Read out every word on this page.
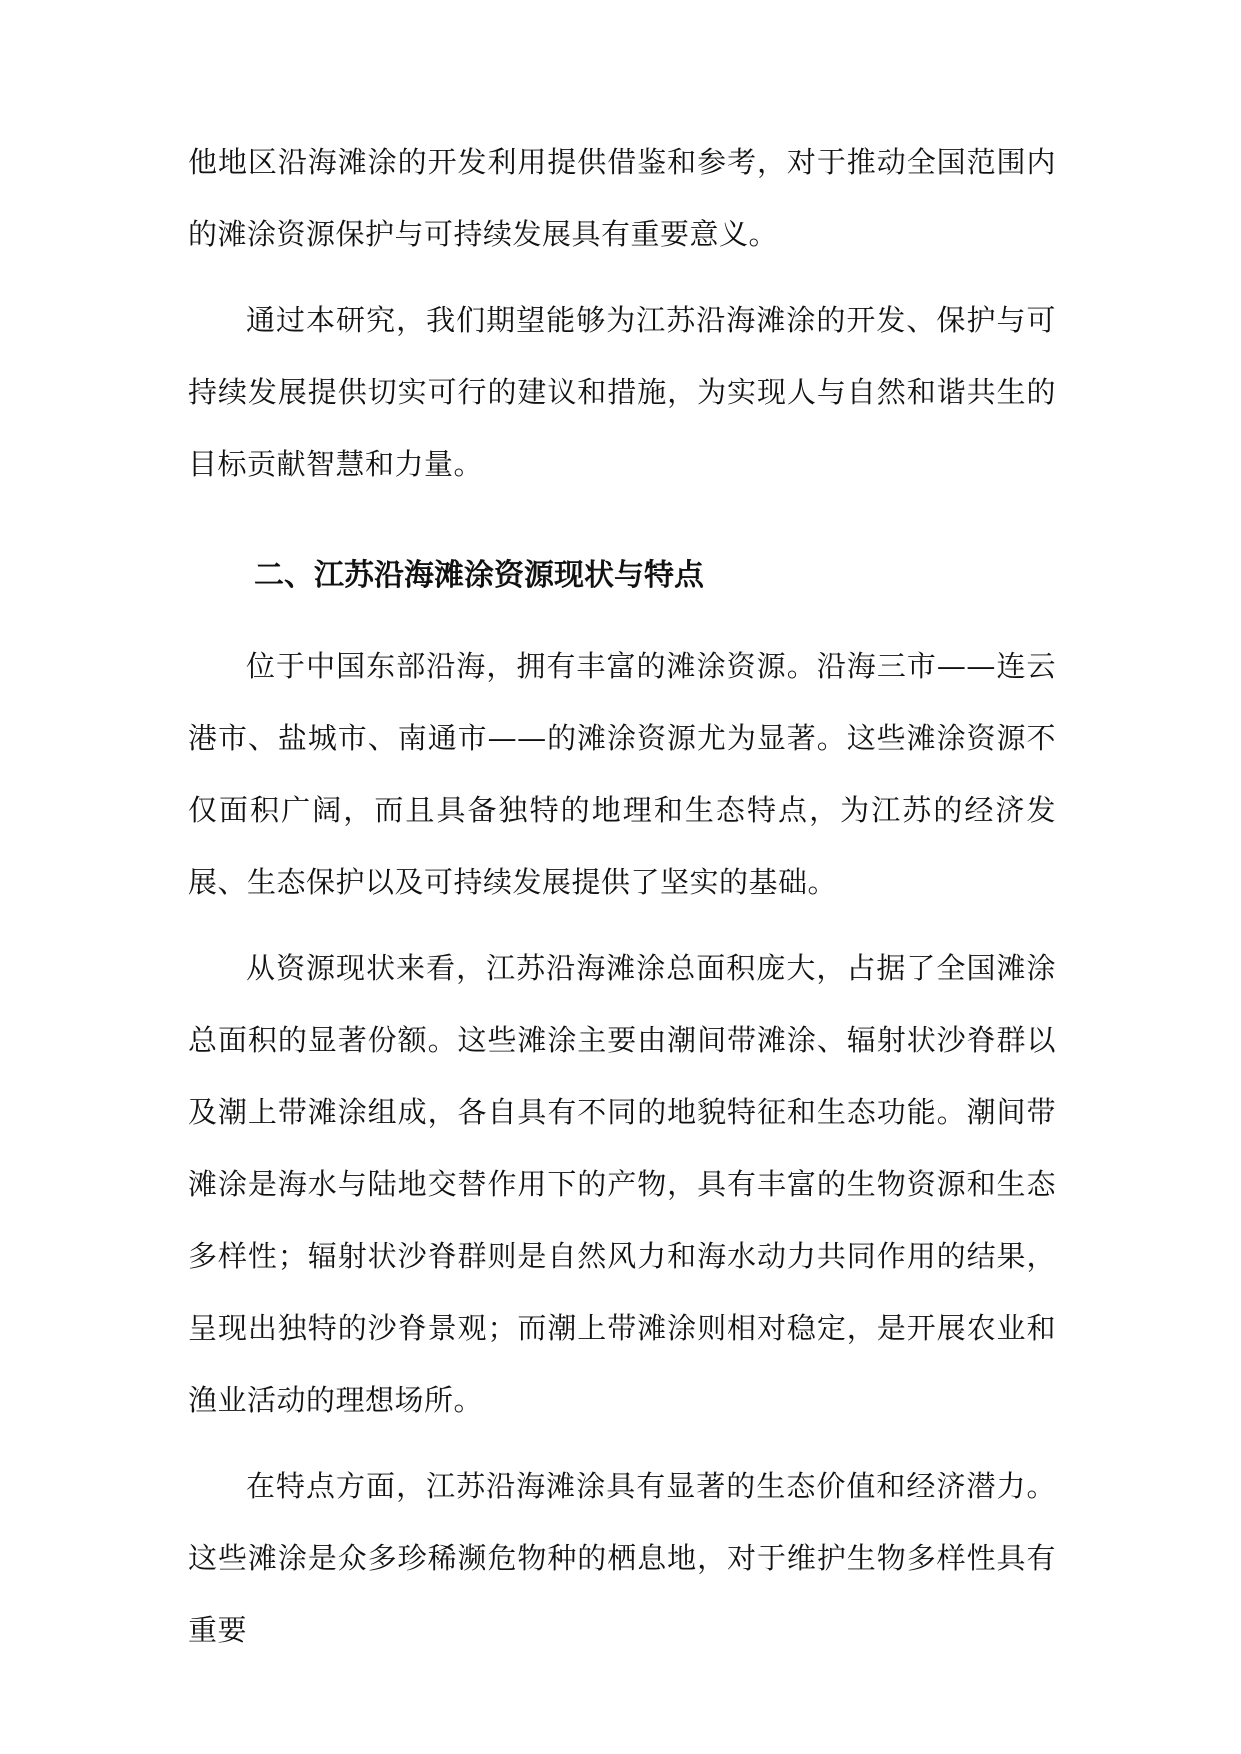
他地区沿海滩涂的开发利用提供借鉴和参考，对于推动全国范围内的滩涂资源保护与可持续发展具有重要意义。

通过本研究，我们期望能够为江苏沿海滩涂的开发、保护与可持续发展提供切实可行的建议和措施，为实现人与自然和谐共生的目标贡献智慧和力量。

二、江苏沿海滩涂资源现状与特点

位于中国东部沿海，拥有丰富的滩涂资源。沿海三市——连云港市、盐城市、南通市——的滩涂资源尤为显著。这些滩涂资源不仅面积广阔，而且具备独特的地理和生态特点，为江苏的经济发展、生态保护以及可持续发展提供了坚实的基础。

从资源现状来看，江苏沿海滩涂总面积庞大，占据了全国滩涂总面积的显著份额。这些滩涂主要由潮间带滩涂、辐射状沙脊群以及潮上带滩涂组成，各自具有不同的地貌特征和生态功能。潮间带滩涂是海水与陆地交替作用下的产物，具有丰富的生物资源和生态多样性；辐射状沙脊群则是自然风力和海水动力共同作用的结果，呈现出独特的沙脊景观；而潮上带滩涂则相对稳定，是开展农业和渔业活动的理想场所。

在特点方面，江苏沿海滩涂具有显著的生态价值和经济潜力。这些滩涂是众多珍稀濒危物种的栖息地，对于维护生物多样性具有重要
